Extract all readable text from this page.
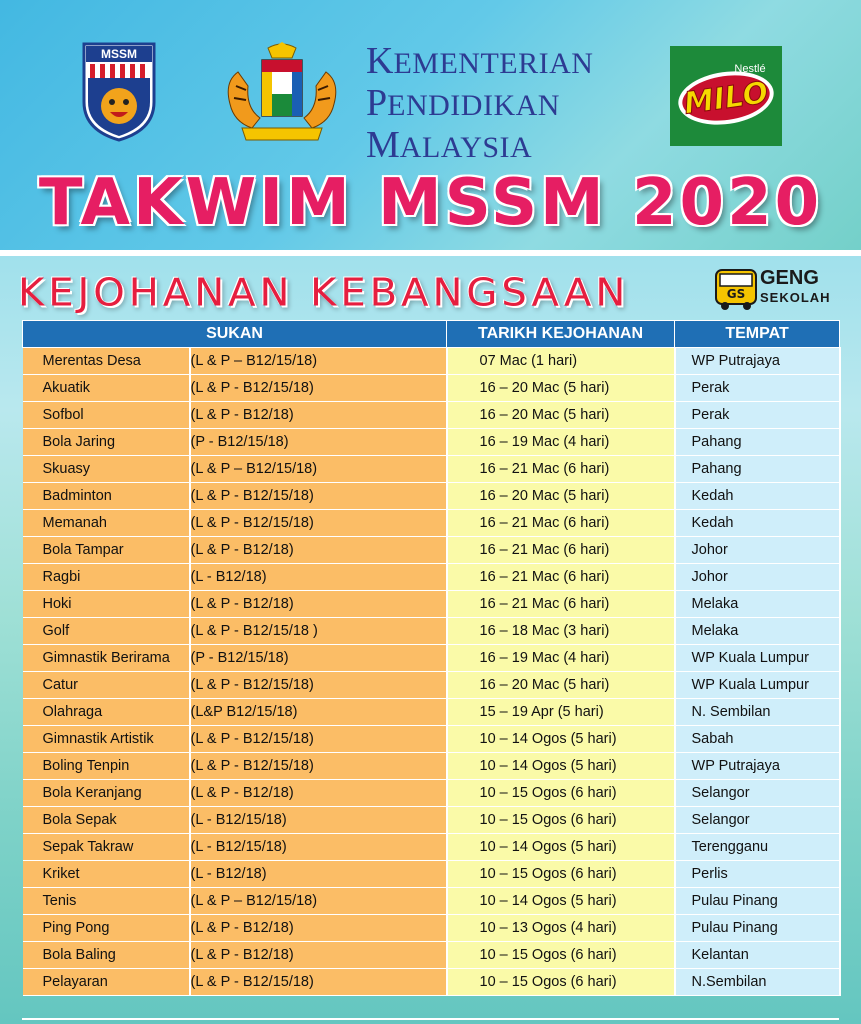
MSSM	KEMENTERIAN
PENDIDIKAN
MALAYSIA
MILO
Nestlé
TAKWIM MSSM 2020
KEJOHANAN KEBANGSAAN	GS
GENG
SEKOLAH
SUKAN		TARIKH KEJOHANAN	TEMPAT
Merentas Desa	(L & P – B12/15/18)	07 Mac (1 hari)	WP Putrajaya
Akuatik	(L & P - B12/15/18)	16 – 20 Mac (5 hari)	Perak
Sofbol	(L & P - B12/18)	16 – 20 Mac (5 hari)	Perak
Bola Jaring	(P - B12/15/18)	16 – 19 Mac (4 hari)	Pahang
Skuasy	(L & P – B12/15/18)	16 – 21 Mac (6 hari)	Pahang
Badminton	(L & P - B12/15/18)	16 – 20 Mac (5 hari)	Kedah
Memanah	(L & P - B12/15/18)	16 – 21 Mac (6 hari)	Kedah
Bola Tampar	(L & P - B12/18)	16 – 21 Mac (6 hari)	Johor
Ragbi	(L - B12/18)	16 – 21 Mac (6 hari)	Johor
Hoki	(L & P - B12/18)	16 – 21 Mac (6 hari)	Melaka
Golf	(L & P - B12/15/18 )	16 – 18 Mac (3 hari)	Melaka
Gimnastik Berirama	(P - B12/15/18)	16 – 19 Mac (4 hari)	WP Kuala Lumpur
Catur	(L & P - B12/15/18)	16 – 20 Mac (5 hari)	WP Kuala Lumpur
Olahraga	(L&P B12/15/18)	15 – 19 Apr (5 hari)	N. Sembilan
Gimnastik Artistik	(L & P - B12/15/18)	10 – 14 Ogos (5 hari)	Sabah
Boling Tenpin	(L & P - B12/15/18)	10 – 14 Ogos (5 hari)	WP Putrajaya
Bola Keranjang	(L & P - B12/18)	10 – 15 Ogos (6 hari)	Selangor
Bola Sepak	(L - B12/15/18)	10 – 15 Ogos (6 hari)	Selangor
Sepak Takraw	(L - B12/15/18)	10 – 14 Ogos (5 hari)	Terengganu
Kriket	(L - B12/18)	10 – 15 Ogos (6 hari)	Perlis
Tenis	(L & P – B12/15/18)	10 – 14 Ogos (5 hari)	Pulau Pinang
Ping Pong	(L & P - B12/18)	10 – 13 Ogos (4 hari)	Pulau Pinang
Bola Baling	(L & P - B12/18)	10 – 15 Ogos (6 hari)	Kelantan
Pelayaran	(L & P - B12/15/18)	10 – 15 Ogos (6 hari)	N.Sembilan
